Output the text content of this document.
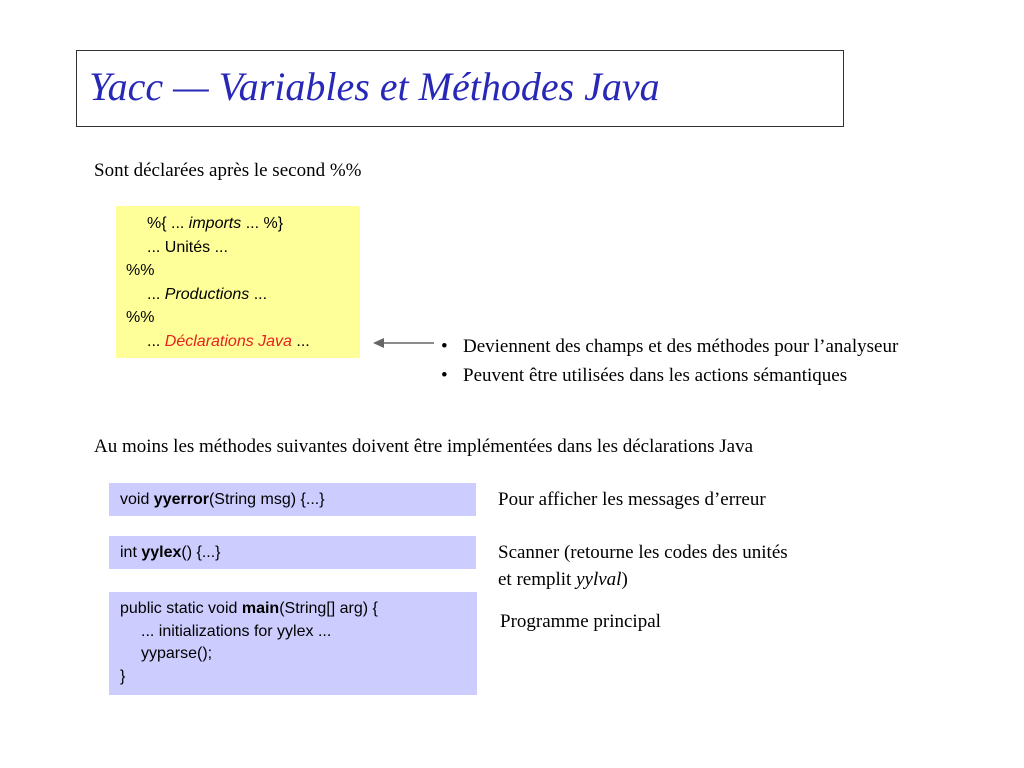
Yacc — Variables et Méthodes Java
Sont déclarées après le second %%
%{ ... imports ... %}
... Unités ...
%%
... Productions ...
%%
... Déclarations Java ...	• Deviennent des champs et des méthodes pour l’analyseur
• Peuvent être utilisées dans les actions sémantiques
Au moins les méthodes suivantes doivent être implémentées dans les déclarations Java
void yyerror(String msg) {...}	Pour afficher les messages d’erreur
int yylex() {...}	Scanner (retourne les codes des unités
et remplit yylval)
public static void main(String[] arg) {
... initializations for yylex ...
yyparse();
}
Programme principal
